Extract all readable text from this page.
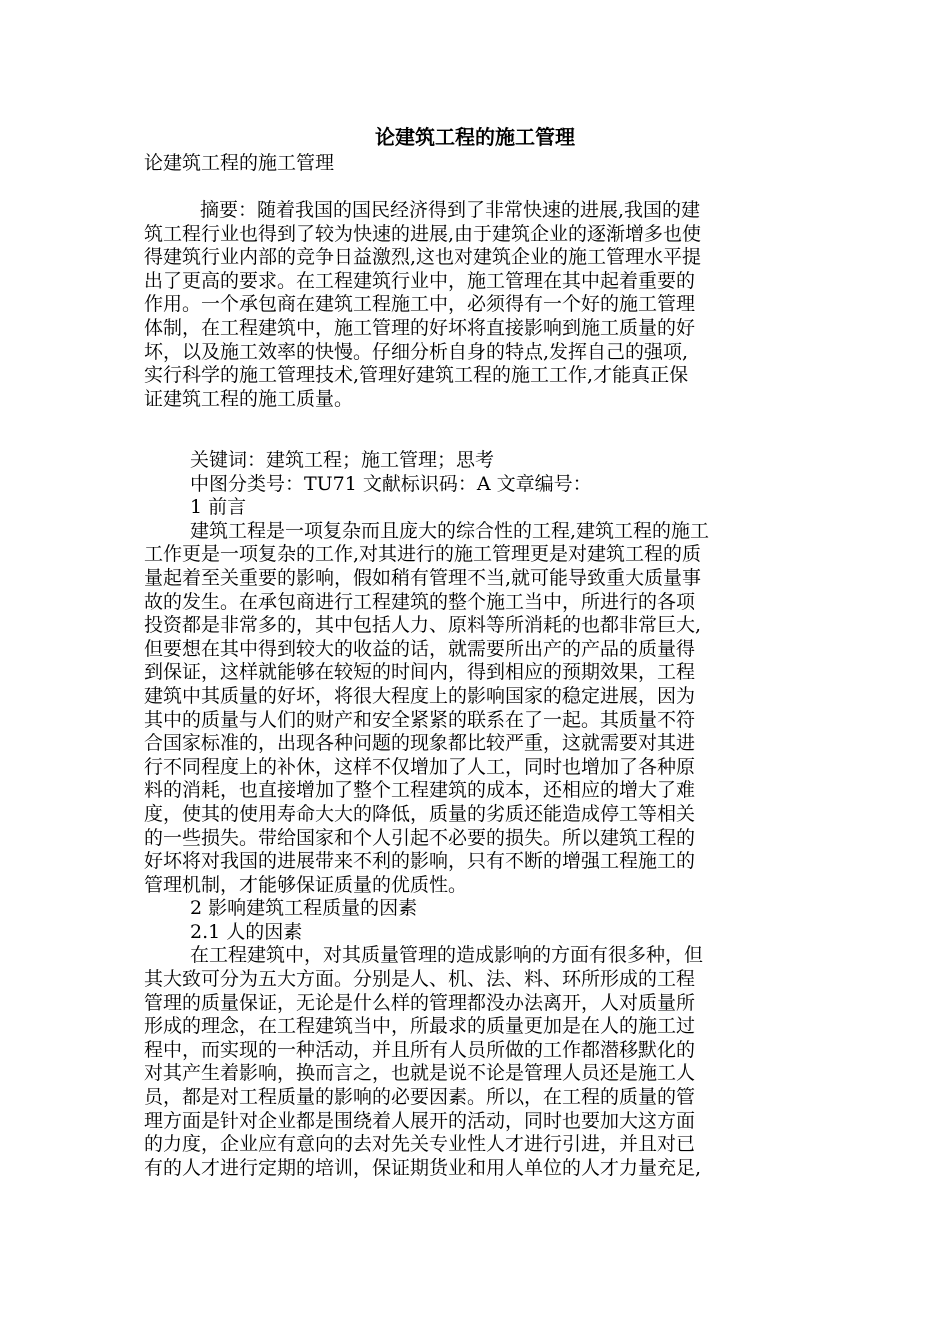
论建筑工程的施工管理
论建筑工程的施工管理
摘要：随着我国的国民经济得到了非常快速的进展,我国的建
筑工程行业也得到了较为快速的进展,由于建筑企业的逐渐增多也使
得建筑行业内部的竞争日益激烈,这也对建筑企业的施工管理水平提
出了更高的要求。在工程建筑行业中，施工管理在其中起着重要的
作用。一个承包商在建筑工程施工中，必须得有一个好的施工管理
体制，在工程建筑中，施工管理的好坏将直接影响到施工质量的好
坏，以及施工效率的快慢。仔细分析自身的特点,发挥自己的强项,
实行科学的施工管理技术,管理好建筑工程的施工工作,才能真正保
证建筑工程的施工质量。
关键词：建筑工程；施工管理；思考
中图分类号：TU71 文献标识码：A 文章编号：
1 前言
建筑工程是一项复杂而且庞大的综合性的工程,建筑工程的施工
工作更是一项复杂的工作,对其进行的施工管理更是对建筑工程的质
量起着至关重要的影响，假如稍有管理不当,就可能导致重大质量事
故的发生。在承包商进行工程建筑的整个施工当中，所进行的各项
投资都是非常多的，其中包括人力、原料等所消耗的也都非常巨大,
但要想在其中得到较大的收益的话，就需要所出产的产品的质量得
到保证，这样就能够在较短的时间内，得到相应的预期效果，工程
建筑中其质量的好坏，将很大程度上的影响国家的稳定进展，因为
其中的质量与人们的财产和安全紧紧的联系在了一起。其质量不符
合国家标准的，出现各种问题的现象都比较严重，这就需要对其进
行不同程度上的补休，这样不仅增加了人工，同时也增加了各种原
料的消耗，也直接增加了整个工程建筑的成本，还相应的增大了难
度，使其的使用寿命大大的降低，质量的劣质还能造成停工等相关
的一些损失。带给国家和个人引起不必要的损失。所以建筑工程的
好坏将对我国的进展带来不利的影响，只有不断的增强工程施工的
管理机制，才能够保证质量的优质性。
2 影响建筑工程质量的因素
2.1 人的因素
在工程建筑中，对其质量管理的造成影响的方面有很多种，但
其大致可分为五大方面。分别是人、机、法、料、环所形成的工程
管理的质量保证，无论是什么样的管理都没办法离开，人对质量所
形成的理念，在工程建筑当中，所最求的质量更加是在人的施工过
程中，而实现的一种活动，并且所有人员所做的工作都潜移默化的
对其产生着影响，换而言之，也就是说不论是管理人员还是施工人
员，都是对工程质量的影响的必要因素。所以，在工程的质量的管
理方面是针对企业都是围绕着人展开的活动，同时也要加大这方面
的力度，企业应有意向的去对先关专业性人才进行引进，并且对已
有的人才进行定期的培训，保证期货业和用人单位的人才力量充足,
